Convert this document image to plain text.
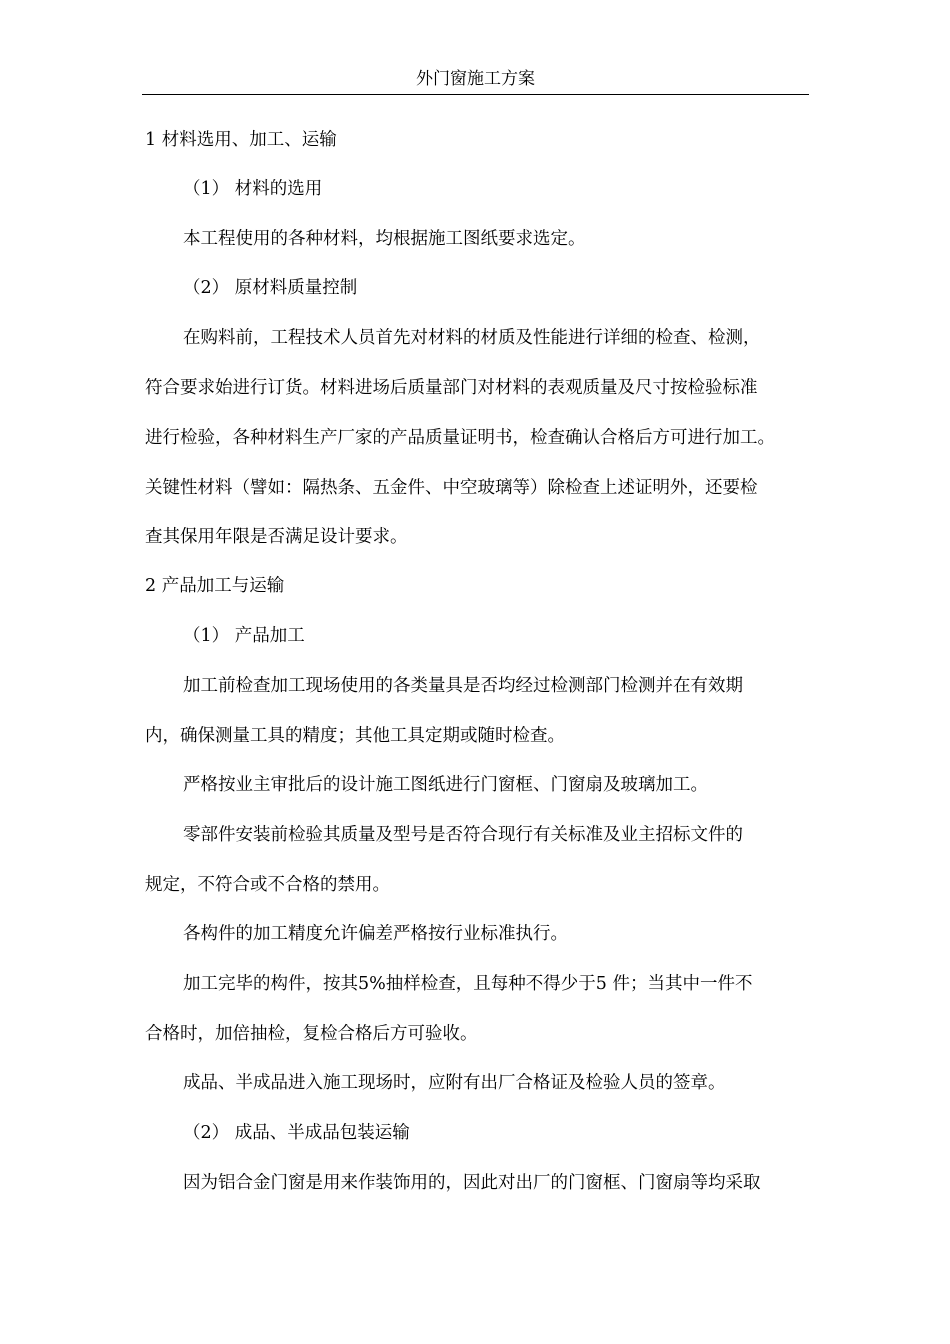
外门窗施工方案
1 材料选用、加工、运输
（1） 材料的选用
本工程使用的各种材料，均根据施工图纸要求选定。
（2） 原材料质量控制
在购料前，工程技术人员首先对材料的材质及性能进行详细的检查、检测，
符合要求始进行订货。材料进场后质量部门对材料的表观质量及尺寸按检验标准
进行检验，各种材料生产厂家的产品质量证明书，检查确认合格后方可进行加工。
关键性材料（譬如：隔热条、五金件、中空玻璃等）除检查上述证明外，还要检
查其保用年限是否满足设计要求。
2 产品加工与运输
（1） 产品加工
加工前检查加工现场使用的各类量具是否均经过检测部门检测并在有效期
内，确保测量工具的精度；其他工具定期或随时检查。
严格按业主审批后的设计施工图纸进行门窗框、门窗扇及玻璃加工。
零部件安装前检验其质量及型号是否符合现行有关标准及业主招标文件的
规定，不符合或不合格的禁用。
各构件的加工精度允许偏差严格按行业标准执行。
加工完毕的构件，按其5%抽样检查，且每种不得少于5 件；当其中一件不
合格时，加倍抽检，复检合格后方可验收。
成品、半成品进入施工现场时，应附有出厂合格证及检验人员的签章。
（2） 成品、半成品包装运输
因为铝合金门窗是用来作装饰用的，因此对出厂的门窗框、门窗扇等均采取
